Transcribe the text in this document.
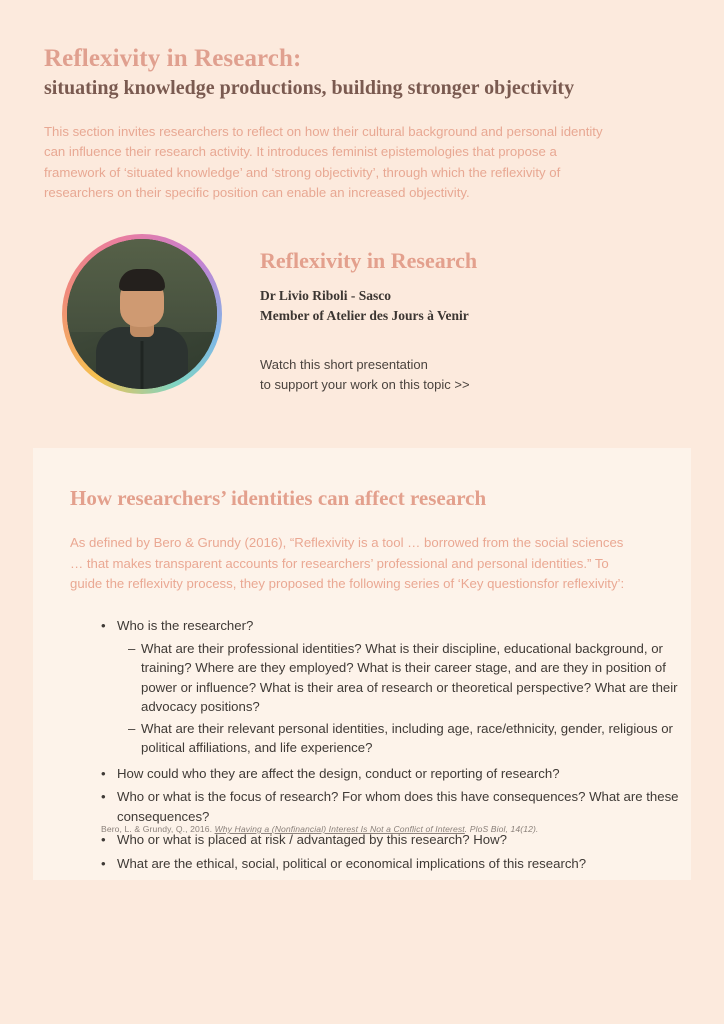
Reflexivity in Research:
situating knowledge productions, building stronger objectivity

This section invites researchers to reflect on how their cultural background and personal identity can influence their research activity. It introduces feminist epistemologies that propose a framework of ‘situated knowledge’ and ‘strong objectivity’, through which the reflexivity of researchers on their specific position can enable an increased objectivity.

Reflexivity in Research
Dr Livio Riboli - Sasco
Member of Atelier des Jours à Venir
Watch this short presentation
to support your work on this topic >>
How researchers’ identities can affect research
As defined by Bero & Grundy (2016), “Reflexivity is a tool … borrowed from the social sciences … that makes transparent accounts for researchers’ professional and personal identities.” To guide the reflexivity process, they proposed the following series of ‘Key questionsfor reflexivity’:
• Who is the researcher?
– What are their professional identities? What is their discipline, educational background, or training? Where are they employed? What is their career stage, and are they in position of power or influence? What is their area of research or theoretical perspective? What are their advocacy positions?
– What are their relevant personal identities, including age, race/ethnicity, gender, religious or political affiliations, and life experience?
• How could who they are affect the design, conduct or reporting of research?
• Who or what is the focus of research? For whom does this have consequences? What are these consequences?
• Who or what is placed at risk / advantaged by this research? How?
• What are the ethical, social, political or economical implications of this research?
Bero, L. & Grundy, Q., 2016. Why Having a (Nonfinancial) Interest Is Not a Conflict of Interest. PloS Biol, 14(12).
